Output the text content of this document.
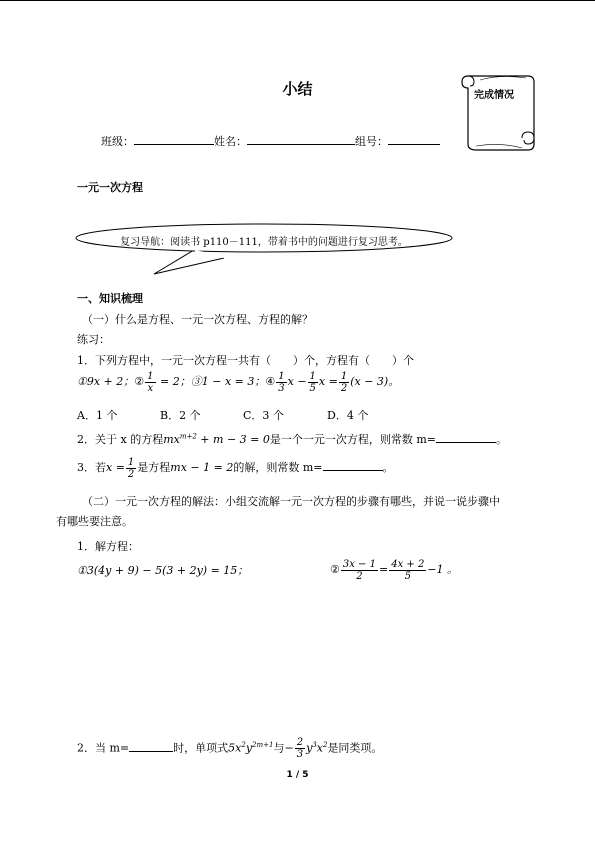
小结	完成情况
班级：	姓名：	组号：
一元一次方程
复习导航：阅读书 p110－111，带着书中的问题进行复习思考。
一、知识梳理
（一）什么是方程、一元一次方程、方程的解？
练习：
1．下列方程中，一元一次方程一共有（　　）个，方程有（　　）个
①9x + 2；② $\frac{1}{x} = 2$；③1 − x = 3；④ $\frac{1}{3}$ $x - \frac{1}{5}$ $x = \frac{1}{2} (x - 3)$。
A．1 个	B．2 个	C．3 个	D．4 个
2．关于 x 的方程$mx^{m+2} + m - 3 = 0$是一个一元一次方程，则常数 m=	。
3．若$x = \frac{1}{2}$ 是方程mx − 1 = 2的解，则常数 m=	。
（二）一元一次方程的解法：小组交流解一元一次方程的步骤有哪些，并说一说步骤中
有哪些要注意。
1．解方程：
①3(4y + 9) − 5(3 + 2y) = 15；	② $\frac{3x - 1}{2} = \frac{4x + 2}{5} -1$ 。
2．当 m=	时，单项式$5x^2y^{2m+1}$与− $\frac{2}{3} y^3x^2$是同类项。
1 / 5
